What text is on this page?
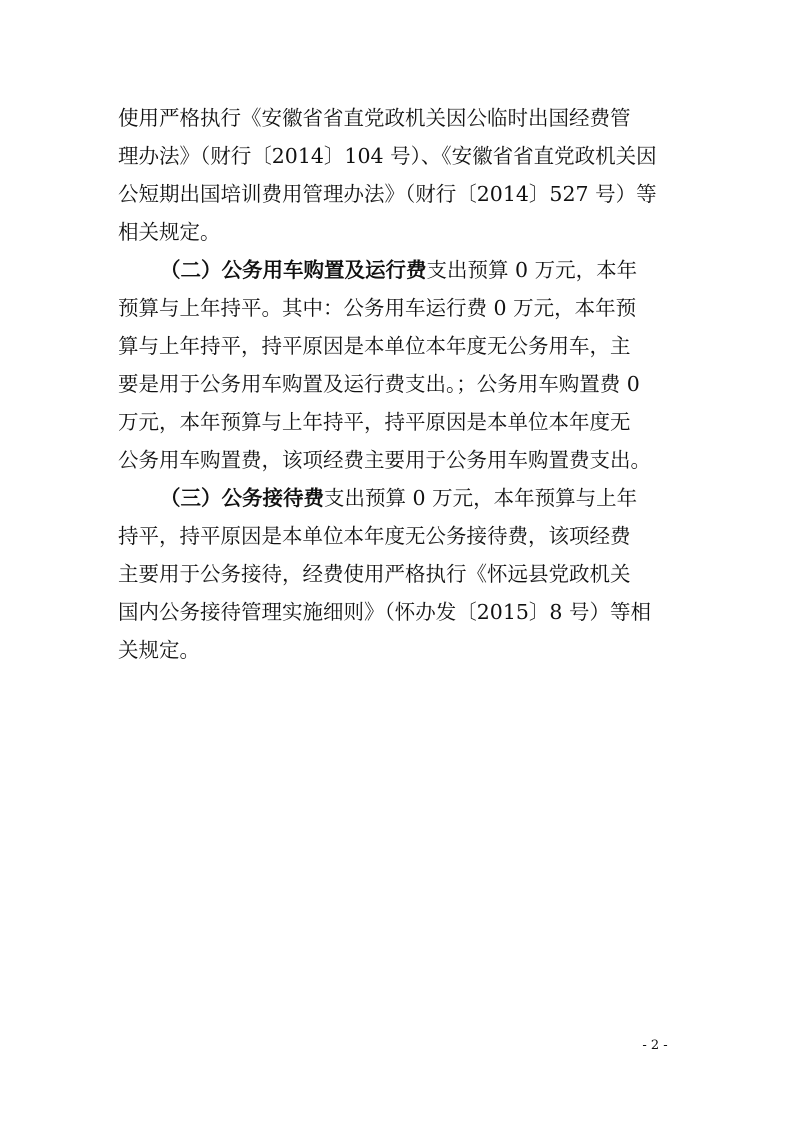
使用严格执行《安徽省省直党政机关因公临时出国经费管
理办法》（财行〔2014〕104 号）、《安徽省省直党政机关因
公短期出国培训费用管理办法》（财行〔2014〕527 号）等
相关规定。
（二）公务用车购置及运行费支出预算 0 万元，本年
预算与上年持平。其中：公务用车运行费 0 万元，本年预
算与上年持平，持平原因是本单位本年度无公务用车，主
要是用于公务用车购置及运行费支出。；公务用车购置费 0
万元，本年预算与上年持平，持平原因是本单位本年度无
公务用车购置费，该项经费主要用于公务用车购置费支出。
（三）公务接待费支出预算 0 万元，本年预算与上年
持平，持平原因是本单位本年度无公务接待费，该项经费
主要用于公务接待，经费使用严格执行《怀远县党政机关
国内公务接待管理实施细则》（怀办发〔2015〕8 号）等相
关规定。
- 2 -
